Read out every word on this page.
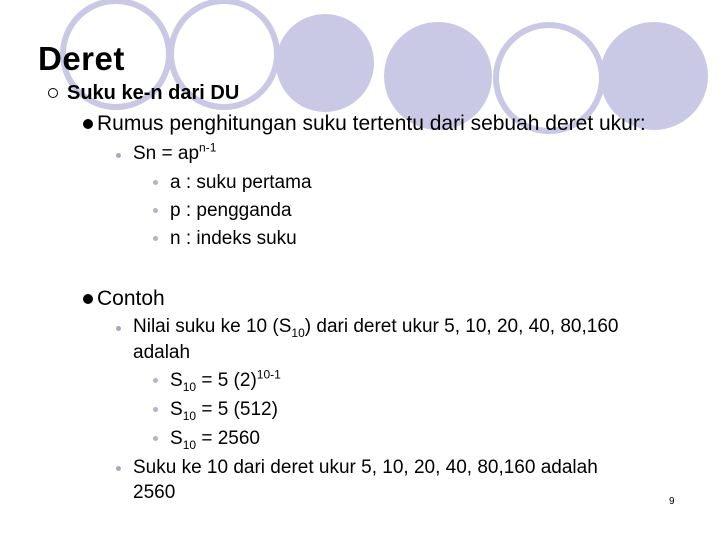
Deret
Suku ke-n dari DU
Rumus penghitungan suku tertentu dari sebuah deret ukur:
$Sn = ap^{n-1}$
a : suku pertama
p : pengganda
n : indeks suku
Contoh
Nilai suku ke 10 $(S_{10})$ dari deret ukur 5, 10, 20, 40, 80,160
adalah
$S_{10} = 5$ $(2)^{10-1}$
$S_{10} = 5$ (512)
$S_{10} = 2560$
Suku ke 10 dari deret ukur 5, 10, 20, 40, 80,160 adalah
2560	9
